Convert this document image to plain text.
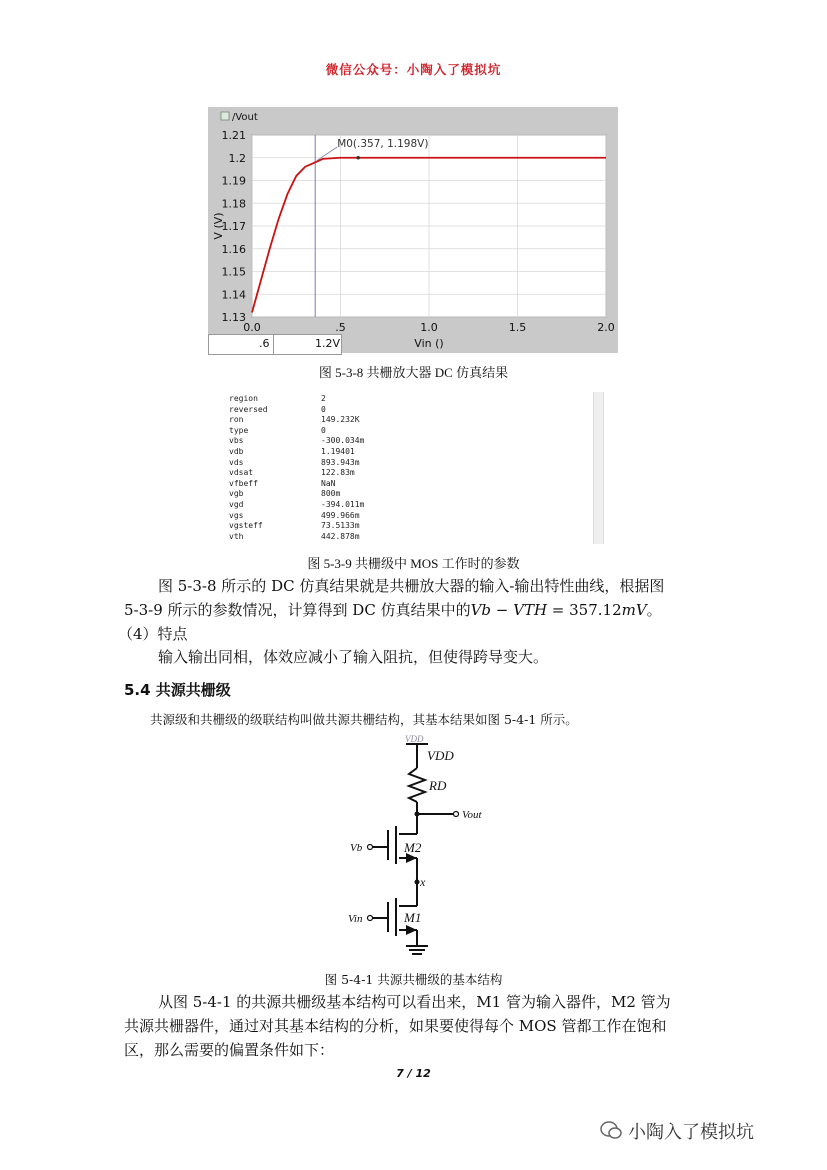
微信公众号：小陶入了模拟坑
/Vout
1.13
1.14
1.15
1.16
1.17
1.18
1.19
1.2
1.21
0.0	.5	1.0	1.5	2.0
Vin ()
V (V)
M0(.357, 1.198V)
.6	1.2V
图 5-3-8 共栅放大器 DC 仿真结果
region	2
reversed	0
ron	149.232K
type	0
vbs	-300.034m
vdb	1.19401
vds	893.943m
vdsat	122.83m
vfbeff	NaN
vgb	800m
vgd	-394.011m
vgs	499.966m
vgsteff	73.5133m
vth	442.878m
图 5-3-9 共栅级中 MOS 工作时的参数
图 5-3-8 所示的 DC 仿真结果就是共栅放大器的输入-输出特性曲线，根据图
5-3-9 所示的参数情况，计算得到 DC 仿真结果中的𝑉𝑏 − 𝑉𝑇𝐻 = 357.12𝑚𝑉。
（4）特点
输入输出同相，体效应减小了输入阻抗，但使得跨导变大。
5.4 共源共栅级
共源级和共栅级的级联结构叫做共源共栅结构，其基本结果如图 5-4-1 所示。
VDD
VDD
RD
Vout
Vb	M2
x
Vin	M1
图 5-4-1 共源共栅级的基本结构
从图 5-4-1 的共源共栅级基本结构可以看出来，M1 管为输入器件，M2 管为
共源共栅器件，通过对其基本结构的分析，如果要使得每个 MOS 管都工作在饱和
区，那么需要的偏置条件如下：
7 / 12
小陶入了模拟坑
